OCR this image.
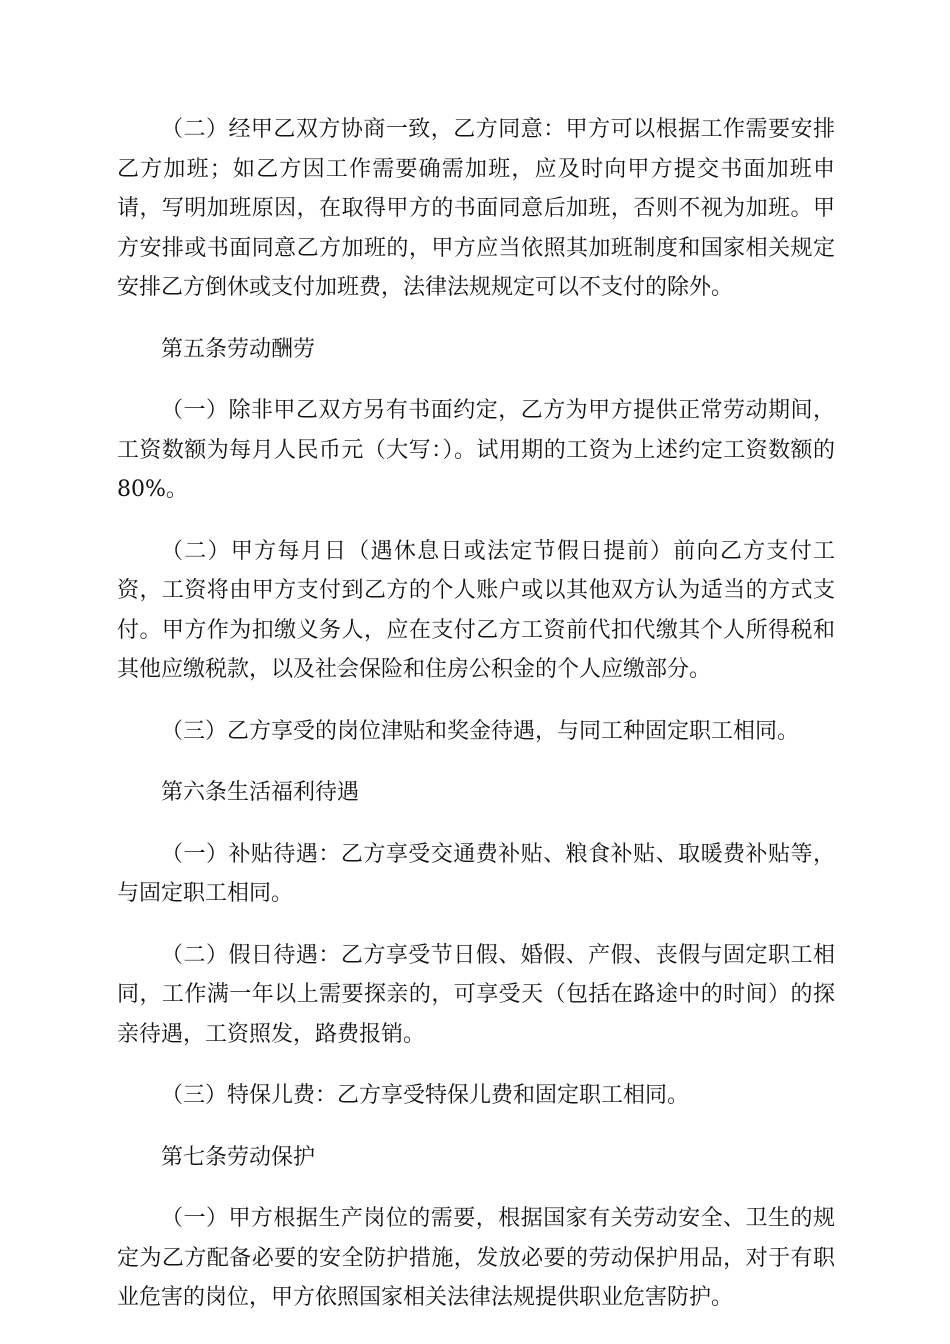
（二）经甲乙双方协商一致，乙方同意：甲方可以根据工作需要安排乙方加班；如乙方因工作需要确需加班，应及时向甲方提交书面加班申请，写明加班原因，在取得甲方的书面同意后加班，否则不视为加班。甲方安排或书面同意乙方加班的，甲方应当依照其加班制度和国家相关规定安排乙方倒休或支付加班费，法律法规规定可以不支付的除外。

第五条劳动酬劳

（一）除非甲乙双方另有书面约定，乙方为甲方提供正常劳动期间，工资数额为每月人民币元（大写：）。试用期的工资为上述约定工资数额的 80%。

（二）甲方每月日（遇休息日或法定节假日提前）前向乙方支付工资，工资将由甲方支付到乙方的个人账户或以其他双方认为适当的方式支付。甲方作为扣缴义务人，应在支付乙方工资前代扣代缴其个人所得税和其他应缴税款，以及社会保险和住房公积金的个人应缴部分。

（三）乙方享受的岗位津贴和奖金待遇，与同工种固定职工相同。

第六条生活福利待遇

（一）补贴待遇：乙方享受交通费补贴、粮食补贴、取暖费补贴等，与固定职工相同。

（二）假日待遇：乙方享受节日假、婚假、产假、丧假与固定职工相同，工作满一年以上需要探亲的，可享受天（包括在路途中的时间）的探亲待遇，工资照发，路费报销。

（三）特保儿费：乙方享受特保儿费和固定职工相同。

第七条劳动保护

（一）甲方根据生产岗位的需要，根据国家有关劳动安全、卫生的规定为乙方配备必要的安全防护措施，发放必要的劳动保护用品，对于有职业危害的岗位，甲方依照国家相关法律法规提供职业危害防护。
